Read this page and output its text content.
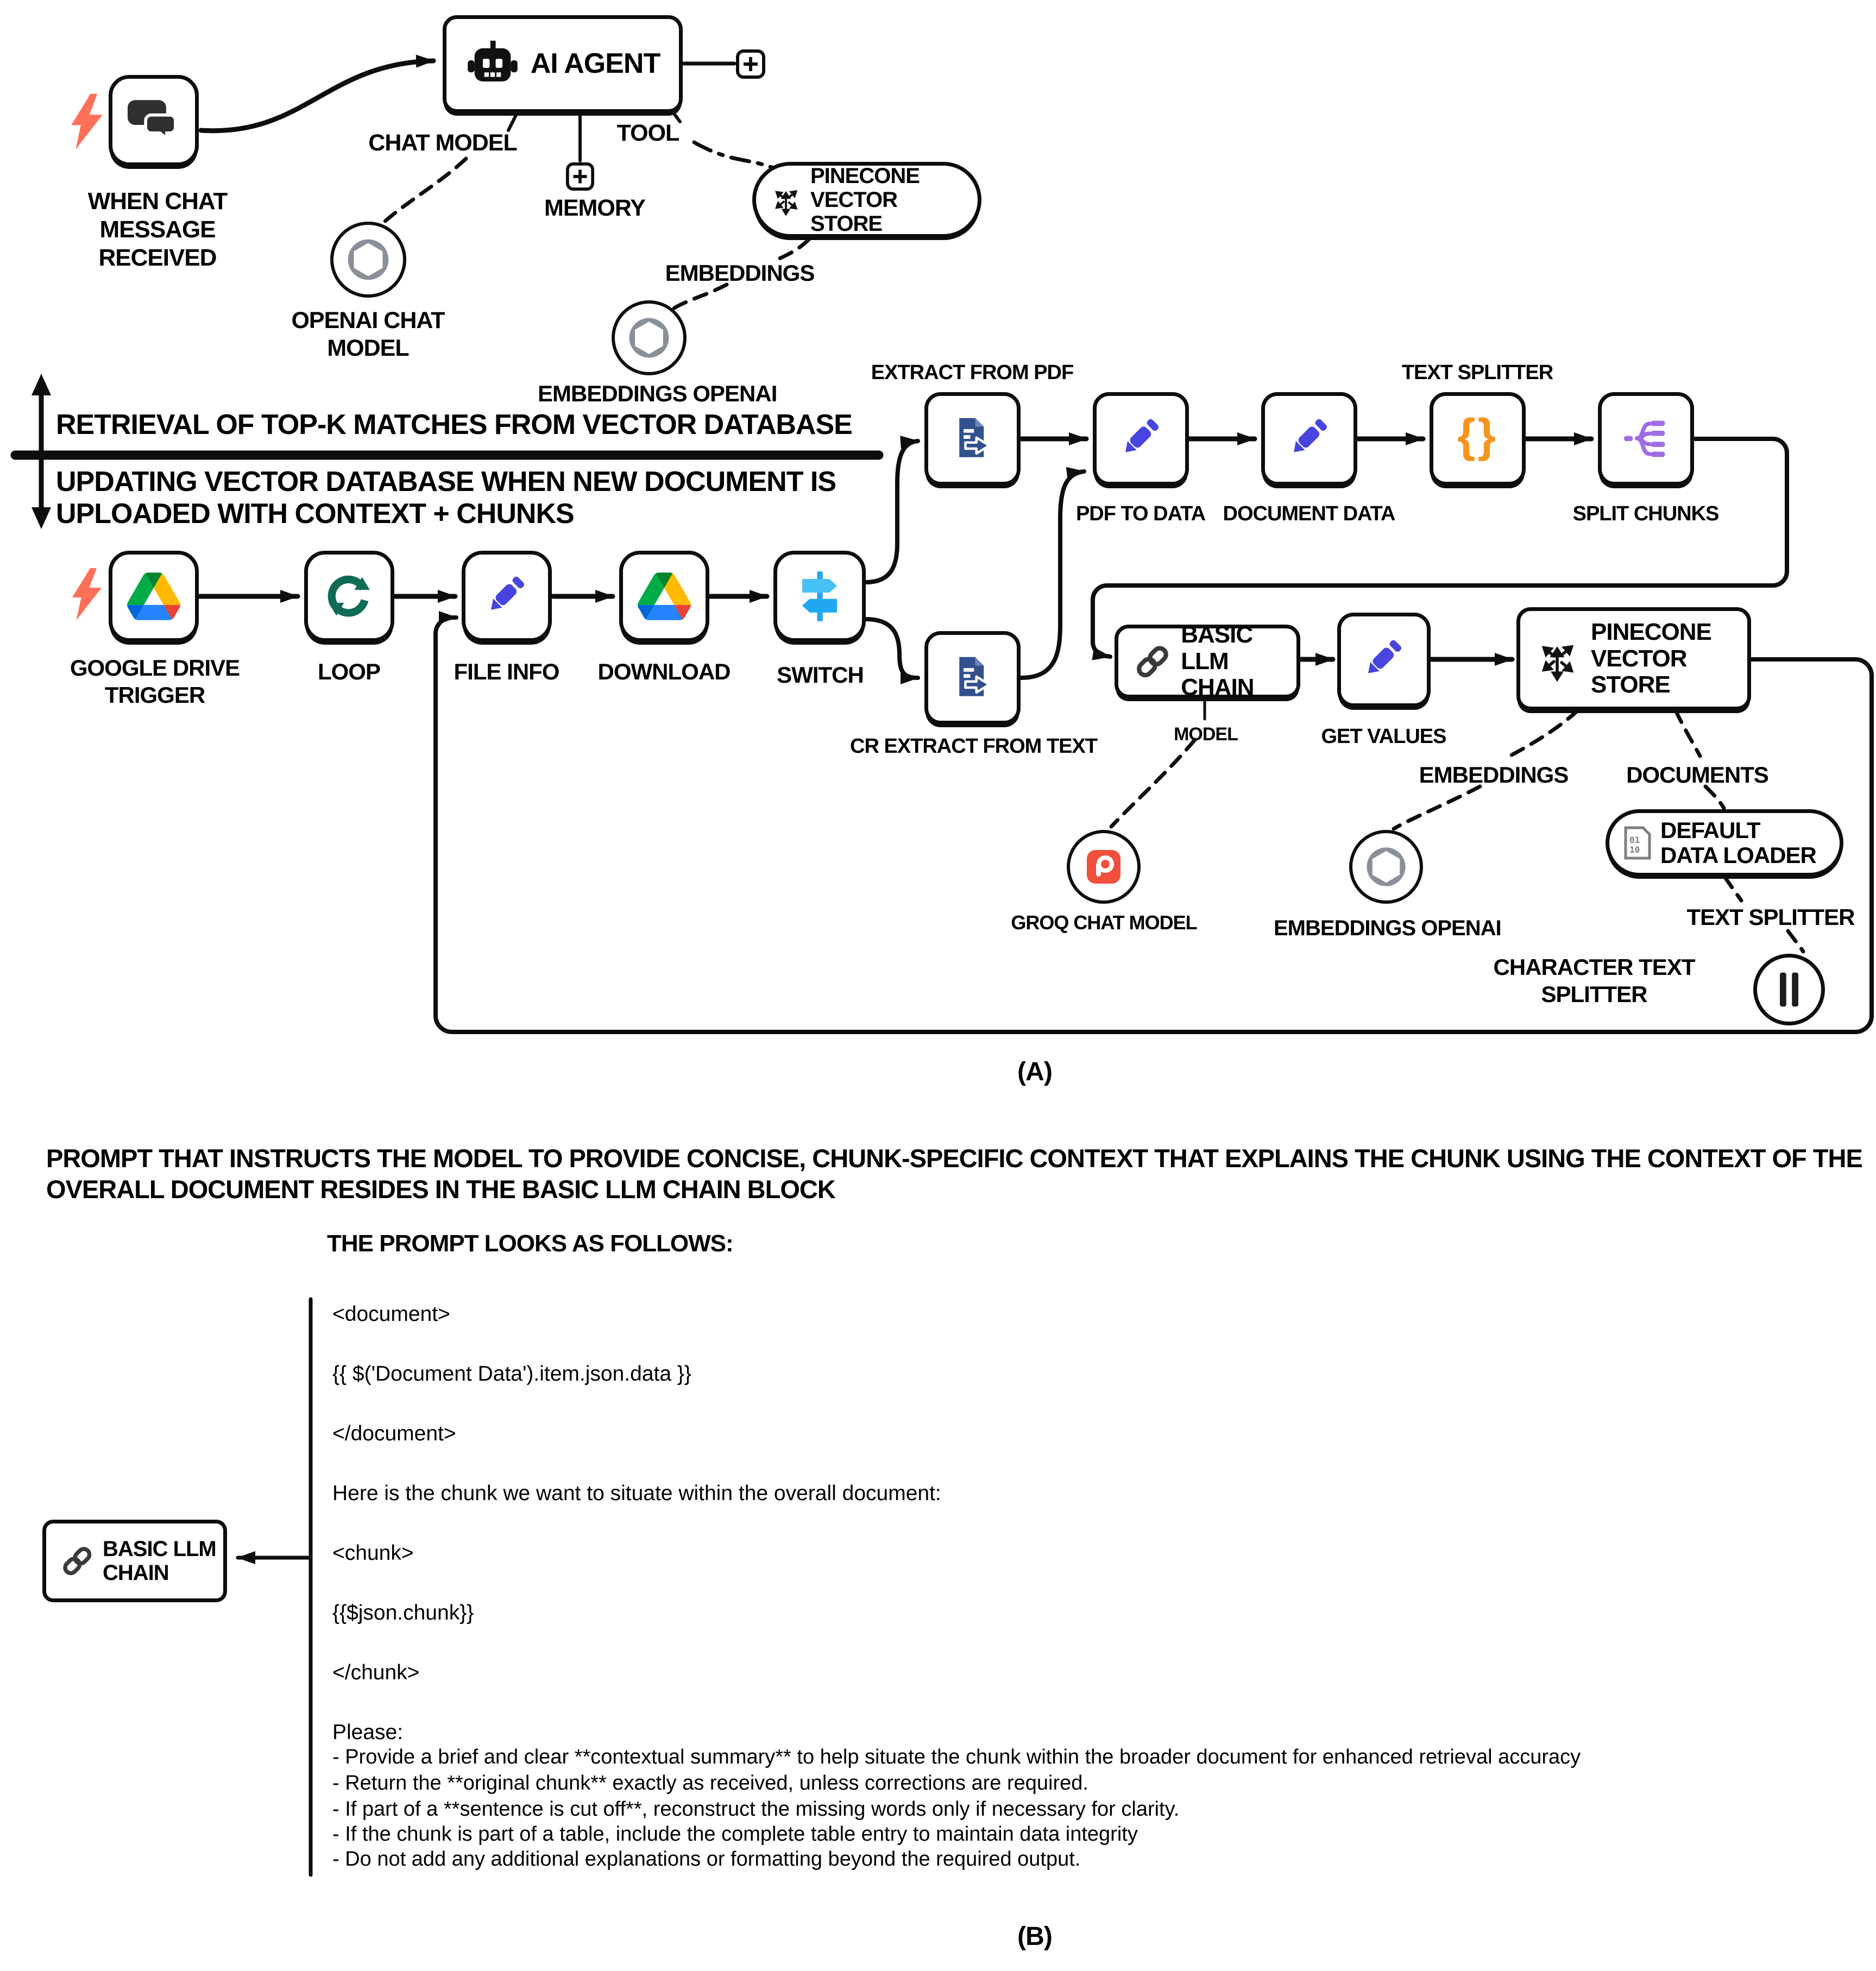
WHEN CHAT MESSAGE RECEIVED
AI AGENT
CHAT MODEL
MEMORY
TOOL
PINECONE VECTOR STORE
EMBEDDINGS
OPENAI CHAT MODEL
EMBEDDINGS OPENAI
RETRIEVAL OF TOP-K MATCHES FROM VECTOR DATABASE
UPDATING VECTOR DATABASE WHEN NEW DOCUMENT IS UPLOADED WITH CONTEXT + CHUNKS
GOOGLE DRIVE TRIGGER
LOOP	FILE INFO	DOWNLOAD	SWITCH
EXTRACT FROM PDF
PDF TO DATA DOCUMENT DATA
TEXT SPLITTER
{}
SPLIT CHUNKS
CR EXTRACT FROM TEXT
BASIC LLM CHAIN
MODEL	GET VALUES
PINECONE VECTOR STORE
EMBEDDINGS	DOCUMENTS
GROQ CHAT MODEL	EMBEDDINGS OPENAI
01
10
DEFAULT DATA LOADER
TEXT SPLITTER
CHARACTER TEXT SPLITTER
(A)
PROMPT THAT INSTRUCTS THE MODEL TO PROVIDE CONCISE, CHUNK-SPECIFIC CONTEXT THAT EXPLAINS THE CHUNK USING THE CONTEXT OF THE OVERALL DOCUMENT RESIDES IN THE BASIC LLM CHAIN BLOCK
THE PROMPT LOOKS AS FOLLOWS:
BASIC LLM CHAIN
<document>
{{ $('Document Data').item.json.data }}
</document>
Here is the chunk we want to situate within the overall document:
<chunk>
{{$json.chunk}}
</chunk>
Please:
- Provide a brief and clear **contextual summary** to help situate the chunk within the broader document for enhanced retrieval accuracy
- Return the **original chunk** exactly as received, unless corrections are required.
- If part of a **sentence is cut off**, reconstruct the missing words only if necessary for clarity.
- If the chunk is part of a table, include the complete table entry to maintain data integrity
- Do not add any additional explanations or formatting beyond the required output.
(B)
